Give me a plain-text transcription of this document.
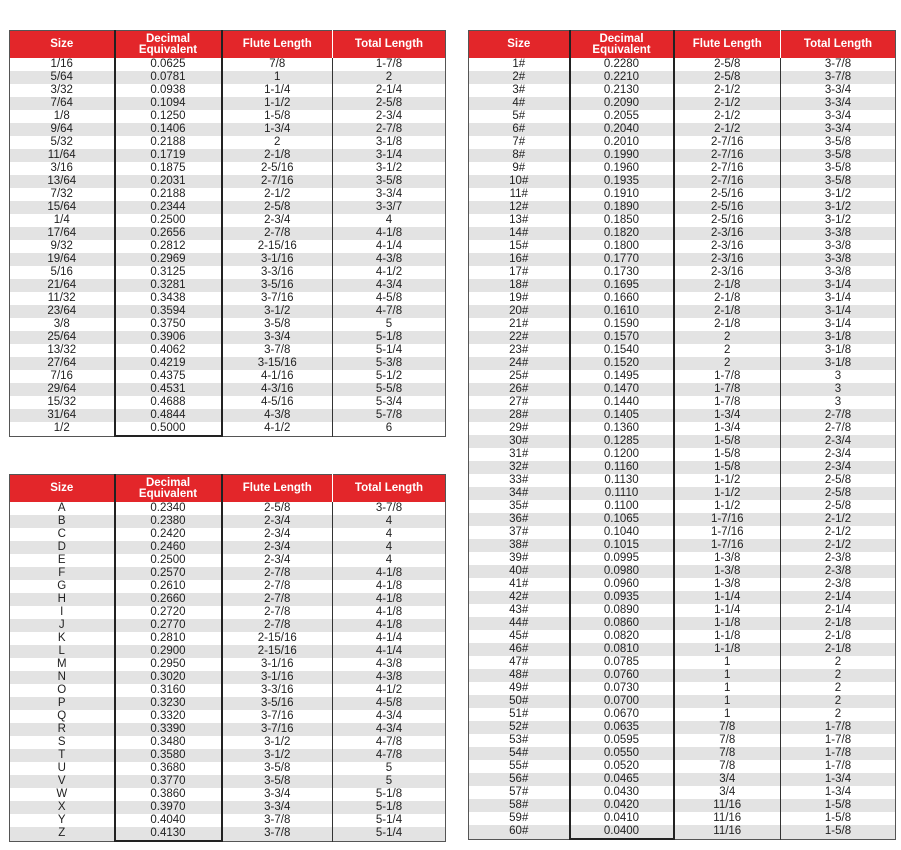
Size	Decimal Equivalent	Flute Length	Total Length
1/16	0.0625	7/8	1-7/8
5/64	0.0781	1	2
3/32	0.0938	1-1/4	2-1/4
7/64	0.1094	1-1/2	2-5/8
1/8	0.1250	1-5/8	2-3/4
9/64	0.1406	1-3/4	2-7/8
5/32	0.2188	2	3-1/8
11/64	0.1719	2-1/8	3-1/4
3/16	0.1875	2-5/16	3-1/2
13/64	0.2031	2-7/16	3-5/8
7/32	0.2188	2-1/2	3-3/4
15/64	0.2344	2-5/8	3-3/7
1/4	0.2500	2-3/4	4
17/64	0.2656	2-7/8	4-1/8
9/32	0.2812	2-15/16	4-1/4
19/64	0.2969	3-1/16	4-3/8
5/16	0.3125	3-3/16	4-1/2
21/64	0.3281	3-5/16	4-3/4
11/32	0.3438	3-7/16	4-5/8
23/64	0.3594	3-1/2	4-7/8
3/8	0.3750	3-5/8	5
25/64	0.3906	3-3/4	5-1/8
13/32	0.4062	3-7/8	5-1/4
27/64	0.4219	3-15/16	5-3/8
7/16	0.4375	4-1/16	5-1/2
29/64	0.4531	4-3/16	5-5/8
15/32	0.4688	4-5/16	5-3/4
31/64	0.4844	4-3/8	5-7/8
1/2	0.5000	4-1/2	6
Size	Decimal Equivalent	Flute Length	Total Length
A	0.2340	2-5/8	3-7/8
B	0.2380	2-3/4	4
C	0.2420	2-3/4	4
D	0.2460	2-3/4	4
E	0.2500	2-3/4	4
F	0.2570	2-7/8	4-1/8
G	0.2610	2-7/8	4-1/8
H	0.2660	2-7/8	4-1/8
I	0.2720	2-7/8	4-1/8
J	0.2770	2-7/8	4-1/8
K	0.2810	2-15/16	4-1/4
L	0.2900	2-15/16	4-1/4
M	0.2950	3-1/16	4-3/8
N	0.3020	3-1/16	4-3/8
O	0.3160	3-3/16	4-1/2
P	0.3230	3-5/16	4-5/8
Q	0.3320	3-7/16	4-3/4
R	0.3390	3-7/16	4-3/4
S	0.3480	3-1/2	4-7/8
T	0.3580	3-1/2	4-7/8
U	0.3680	3-5/8	5
V	0.3770	3-5/8	5
W	0.3860	3-3/4	5-1/8
X	0.3970	3-3/4	5-1/8
Y	0.4040	3-7/8	5-1/4
Z	0.4130	3-7/8	5-1/4
Size	Decimal Equivalent	Flute Length	Total Length
1#	0.2280	2-5/8	3-7/8
2#	0.2210	2-5/8	3-7/8
3#	0.2130	2-1/2	3-3/4
4#	0.2090	2-1/2	3-3/4
5#	0.2055	2-1/2	3-3/4
6#	0.2040	2-1/2	3-3/4
7#	0.2010	2-7/16	3-5/8
8#	0.1990	2-7/16	3-5/8
9#	0.1960	2-7/16	3-5/8
10#	0.1935	2-7/16	3-5/8
11#	0.1910	2-5/16	3-1/2
12#	0.1890	2-5/16	3-1/2
13#	0.1850	2-5/16	3-1/2
14#	0.1820	2-3/16	3-3/8
15#	0.1800	2-3/16	3-3/8
16#	0.1770	2-3/16	3-3/8
17#	0.1730	2-3/16	3-3/8
18#	0.1695	2-1/8	3-1/4
19#	0.1660	2-1/8	3-1/4
20#	0.1610	2-1/8	3-1/4
21#	0.1590	2-1/8	3-1/4
22#	0.1570	2	3-1/8
23#	0.1540	2	3-1/8
24#	0.1520	2	3-1/8
25#	0.1495	1-7/8	3
26#	0.1470	1-7/8	3
27#	0.1440	1-7/8	3
28#	0.1405	1-3/4	2-7/8
29#	0.1360	1-3/4	2-7/8
30#	0.1285	1-5/8	2-3/4
31#	0.1200	1-5/8	2-3/4
32#	0.1160	1-5/8	2-3/4
33#	0.1130	1-1/2	2-5/8
34#	0.1110	1-1/2	2-5/8
35#	0.1100	1-1/2	2-5/8
36#	0.1065	1-7/16	2-1/2
37#	0.1040	1-7/16	2-1/2
38#	0.1015	1-7/16	2-1/2
39#	0.0995	1-3/8	2-3/8
40#	0.0980	1-3/8	2-3/8
41#	0.0960	1-3/8	2-3/8
42#	0.0935	1-1/4	2-1/4
43#	0.0890	1-1/4	2-1/4
44#	0.0860	1-1/8	2-1/8
45#	0.0820	1-1/8	2-1/8
46#	0.0810	1-1/8	2-1/8
47#	0.0785	1	2
48#	0.0760	1	2
49#	0.0730	1	2
50#	0.0700	1	2
51#	0.0670	1	2
52#	0.0635	7/8	1-7/8
53#	0.0595	7/8	1-7/8
54#	0.0550	7/8	1-7/8
55#	0.0520	7/8	1-7/8
56#	0.0465	3/4	1-3/4
57#	0.0430	3/4	1-3/4
58#	0.0420	11/16	1-5/8
59#	0.0410	11/16	1-5/8
60#	0.0400	11/16	1-5/8
